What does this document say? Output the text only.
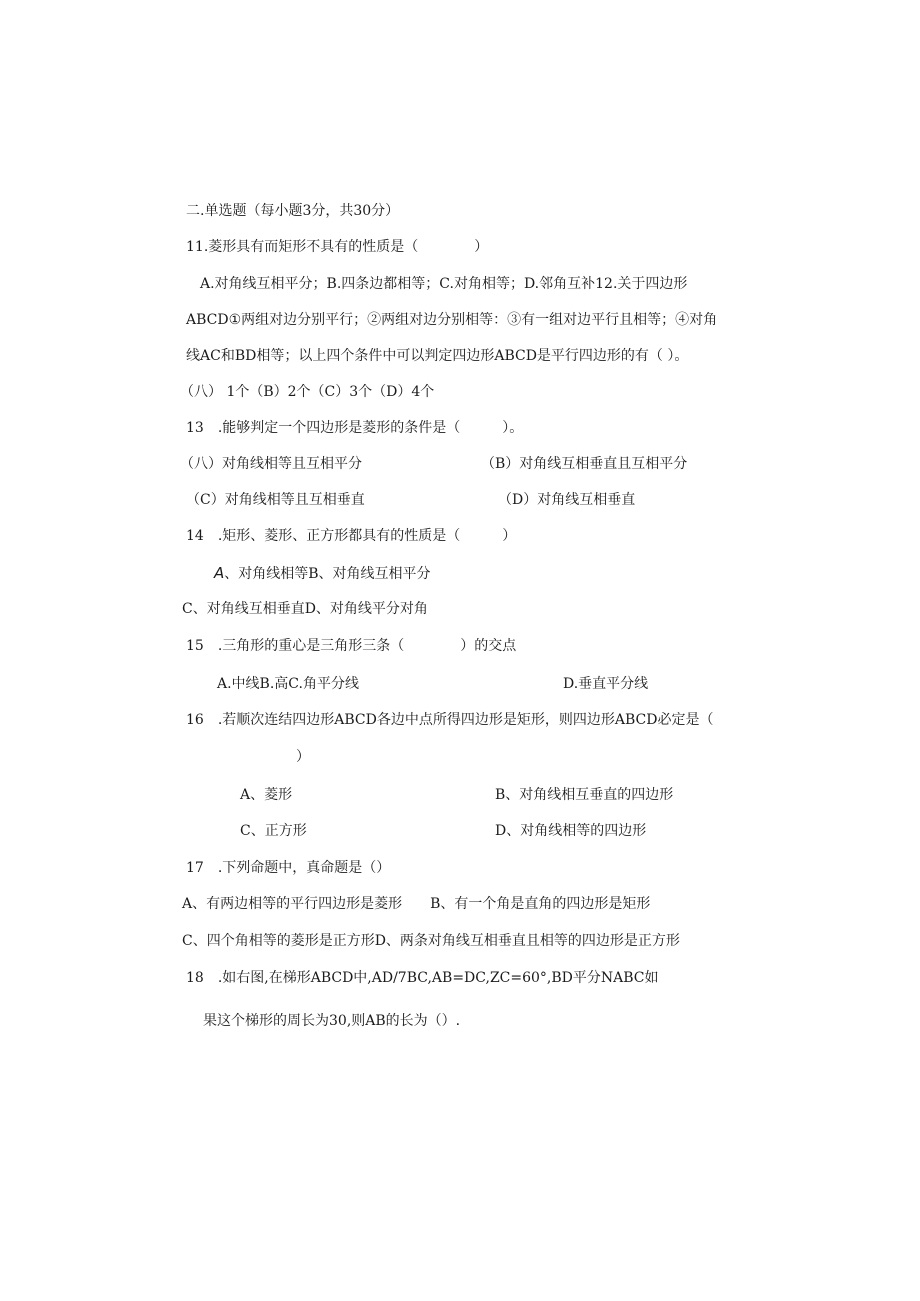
二.单选题（每小题3分，共30分）
11.菱形具有而矩形不具有的性质是（　　　　）
A.对角线互相平分；B.四条边都相等；C.对角相等；D.邻角互补12.关于四边形
ABCD①两组对边分别平行；②两组对边分别相等：③有一组对边平行且相等；④对角
线AC和BD相等；以上四个条件中可以判定四边形ABCD是平行四边形的有（ ）。
（八） 1个（B）2个（C）3个（D）4个
13　.能够判定一个四边形是菱形的条件是（　　　）。
（八）对角线相等且互相平分	（B）对角线互相垂直且互相平分
（C）对角线相等且互相垂直	（D）对角线互相垂直
14　.矩形、菱形、正方形都具有的性质是（　　　）
A、对角线相等B、对角线互相平分
C、对角线互相垂直D、对角线平分对角
15　.三角形的重心是三角形三条（　　　　）的交点
A.中线B.高C.角平分线	D.垂直平分线
16　.若顺次连结四边形ABCD各边中点所得四边形是矩形，则四边形ABCD必定是（
）
A、菱形	B、对角线相互垂直的四边形
C、正方形	D、对角线相等的四边形
17　.下列命题中，真命题是（）
A、有两边相等的平行四边形是菱形　　B、有一个角是直角的四边形是矩形
C、四个角相等的菱形是正方形D、两条对角线互相垂直且相等的四边形是正方形
18　.如右图,在梯形ABCD中,AD/7BC,AB=DC,ZC=60°,BD平分NABC如
果这个梯形的周长为30,则AB的长为（）.
